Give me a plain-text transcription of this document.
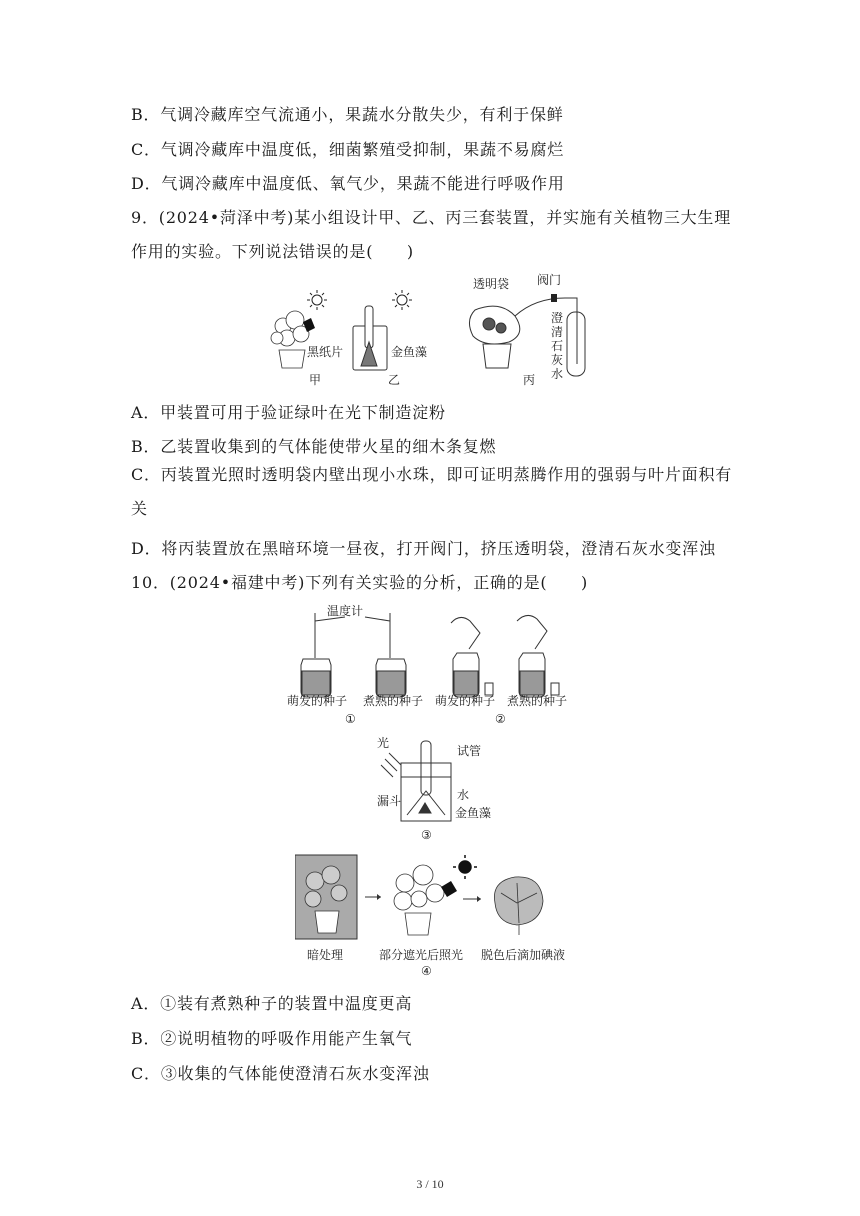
B．气调冷藏库空气流通小，果蔬水分散失少，有利于保鲜
C．气调冷藏库中温度低，细菌繁殖受抑制，果蔬不易腐烂
D．气调冷藏库中温度低、氧气少，果蔬不能进行呼吸作用
9．(2024•菏泽中考)某小组设计甲、乙、丙三套装置，并实施有关植物三大生理作用的实验。下列说法错误的是(　　)
黑纸片
甲
金鱼藻
乙
透明袋 阀门
澄
清
石
灰
水
丙
A．甲装置可用于验证绿叶在光下制造淀粉
B．乙装置收集到的气体能使带火星的细木条复燃
C．丙装置光照时透明袋内壁出现小水珠，即可证明蒸腾作用的强弱与叶片面积有关
D．将丙装置放在黑暗环境一昼夜，打开阀门，挤压透明袋，澄清石灰水变浑浊
10．(2024•福建中考)下列有关实验的分析，正确的是(　　)
温度计
萌发的种子 煮熟的种子
①
萌发的种子 煮熟的种子
②
光
试管
漏斗	水
金鱼藻
③
暗处理	部分遮光后照光 脱色后滴加碘液
④
A．①装有煮熟种子的装置中温度更高
B．②说明植物的呼吸作用能产生氧气
C．③收集的气体能使澄清石灰水变浑浊
3 / 10
